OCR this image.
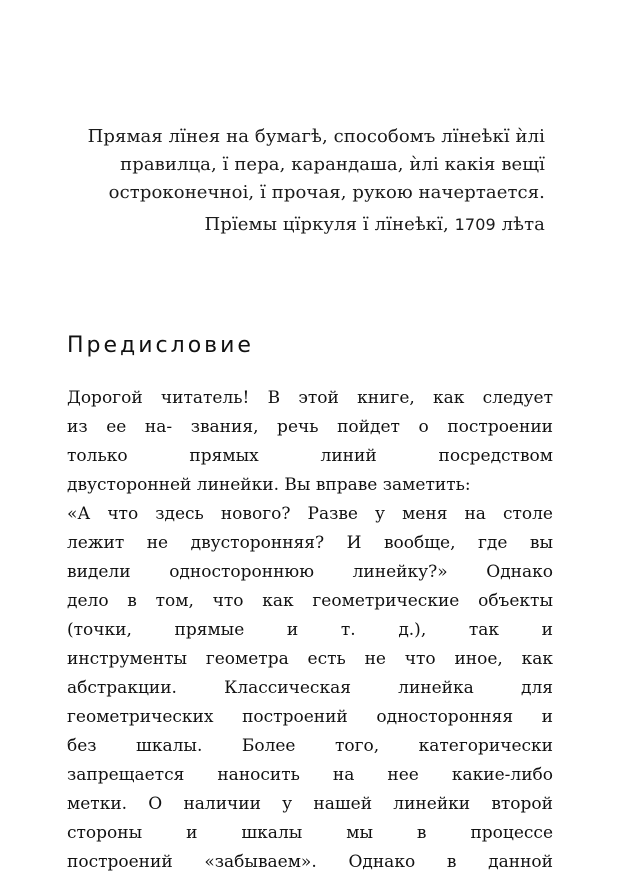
Прямая лїнея на бумагѣ, способомъ лїнеѣкї ѝлі
правилца, ї пера, карандаша, ѝлі какія вещї
остроконечноі, ї прочая, рукою начертается.

Прїемы цїркуля ї лїнеѣкї, 1709 лѣта

Предисловие
Дорогой читатель! В этой книге, как следует
из ее на- звания, речь пойдет о построении
только прямых линий посредством
двусторонней линейки. Вы вправе заметить:
«А что здесь нового? Разве у меня на столе
лежит не двусторонняя? И вообще, где вы
видели одностороннюю линейку?» Однако
дело в том, что как геометрические объекты
(точки, прямые и т. д.), так и
инструменты геометра есть не что иное, как
абстракции. Классическая линейка для
геометрических построений односторонняя и
без шкалы. Более того, категорически
запрещается наносить на нее какие-либо
метки. О наличии у нашей линейки второй
стороны и шкалы мы в процессе
построений «забываем». Однако в данной
